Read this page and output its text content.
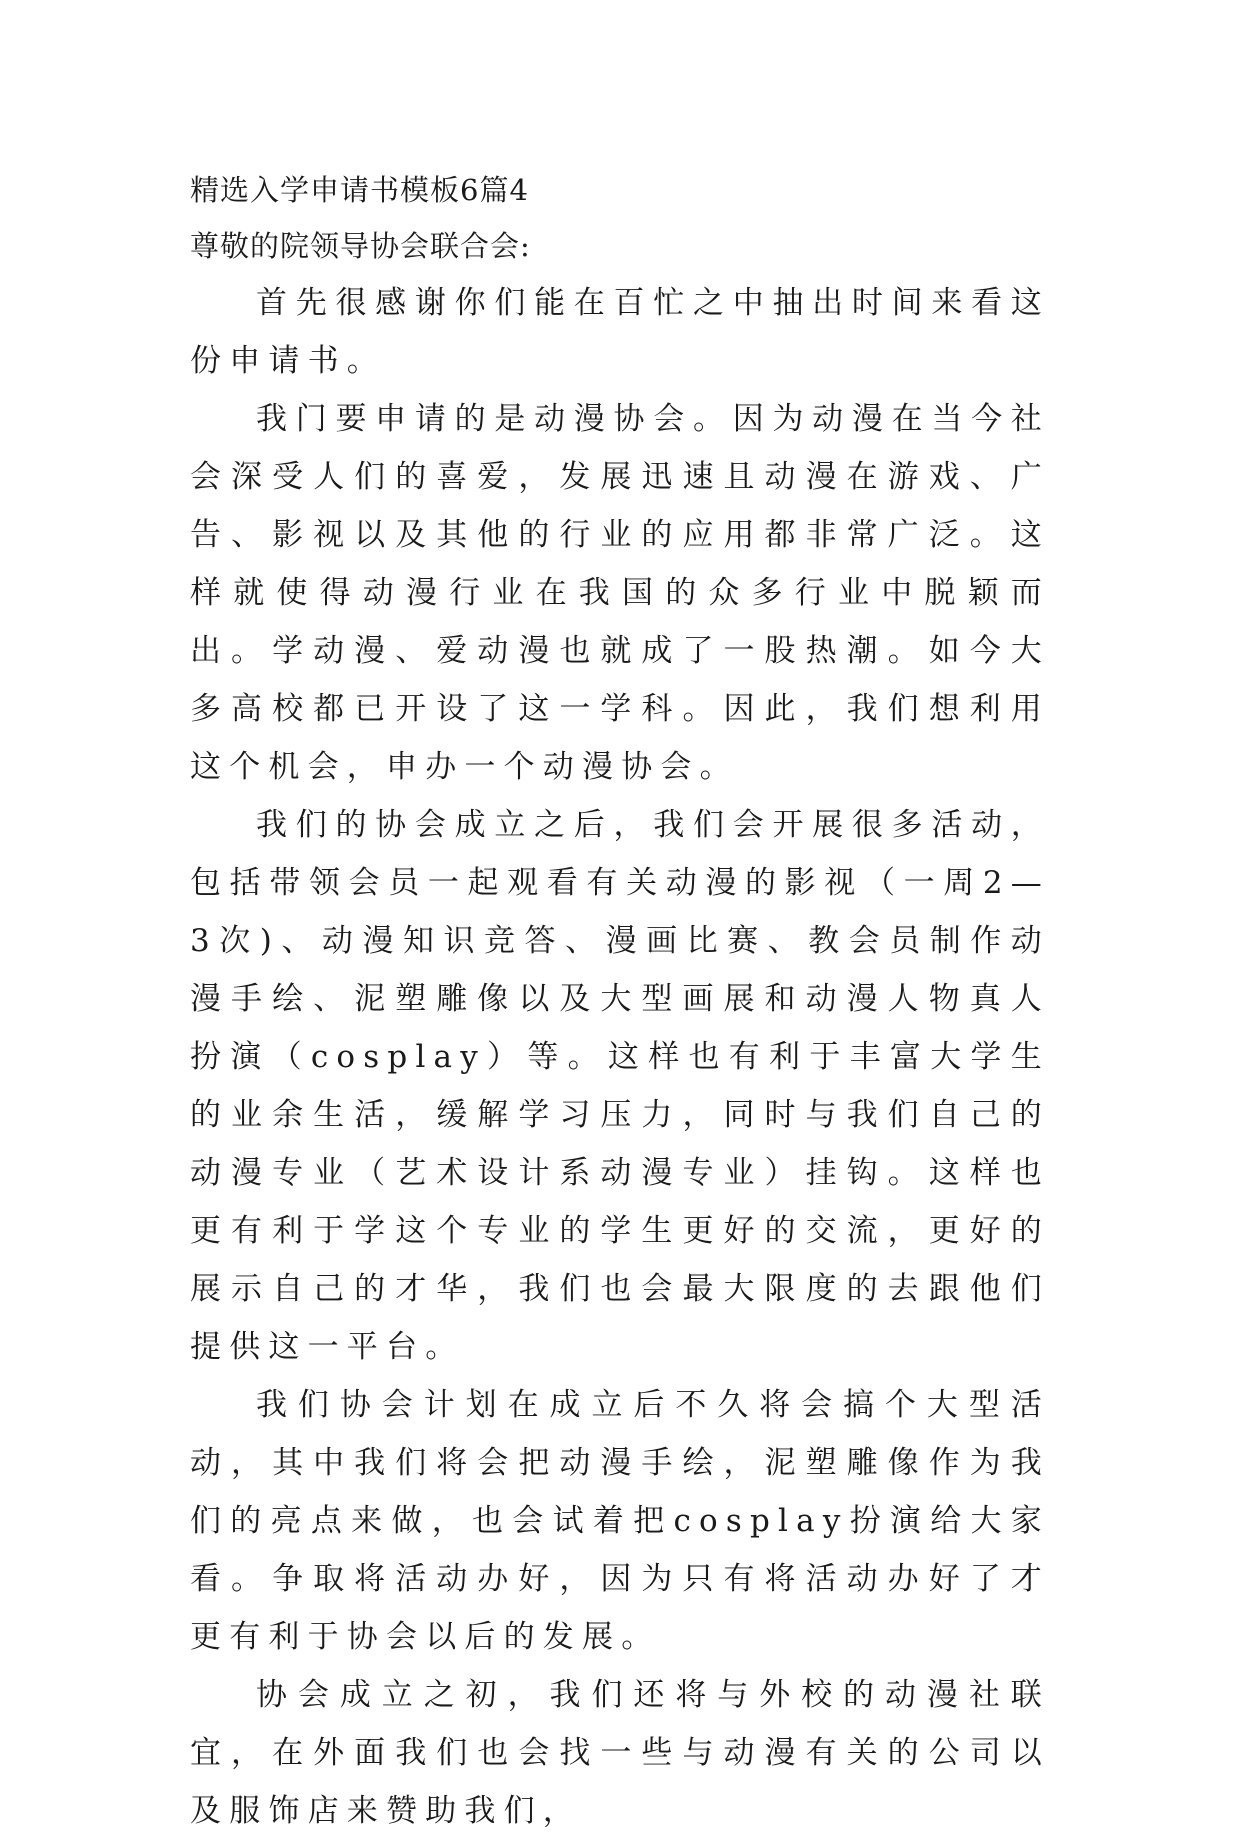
精选入学申请书模板6篇4
尊敬的院领导协会联合会:

首先很感谢你们能在百忙之中抽出时间来看这份申请书。

我门要申请的是动漫协会。因为动漫在当今社会深受人们的喜爱，发展迅速且动漫在游戏、广告、影视以及其他的行业的应用都非常广泛。这样就使得动漫行业在我国的众多行业中脱颖而出。学动漫、爱动漫也就成了一股热潮。如今大多高校都已开设了这一学科。因此，我们想利用这个机会，申办一个动漫协会。

我们的协会成立之后，我们会开展很多活动，包括带领会员一起观看有关动漫的影视（一周2—3次)、动漫知识竞答、漫画比赛、教会员制作动漫手绘、泥塑雕像以及大型画展和动漫人物真人扮演（cosplay）等。这样也有利于丰富大学生的业余生活，缓解学习压力，同时与我们自己的动漫专业（艺术设计系动漫专业）挂钩。这样也更有利于学这个专业的学生更好的交流，更好的展示自己的才华，我们也会最大限度的去跟他们提供这一平台。

我们协会计划在成立后不久将会搞个大型活动，其中我们将会把动漫手绘，泥塑雕像作为我们的亮点来做，也会试着把cosplay扮演给大家看。争取将活动办好，因为只有将活动办好了才更有利于协会以后的发展。

协会成立之初，我们还将与外校的动漫社联宜，在外面我们也会找一些与动漫有关的公司以及服饰店来赞助我们，
